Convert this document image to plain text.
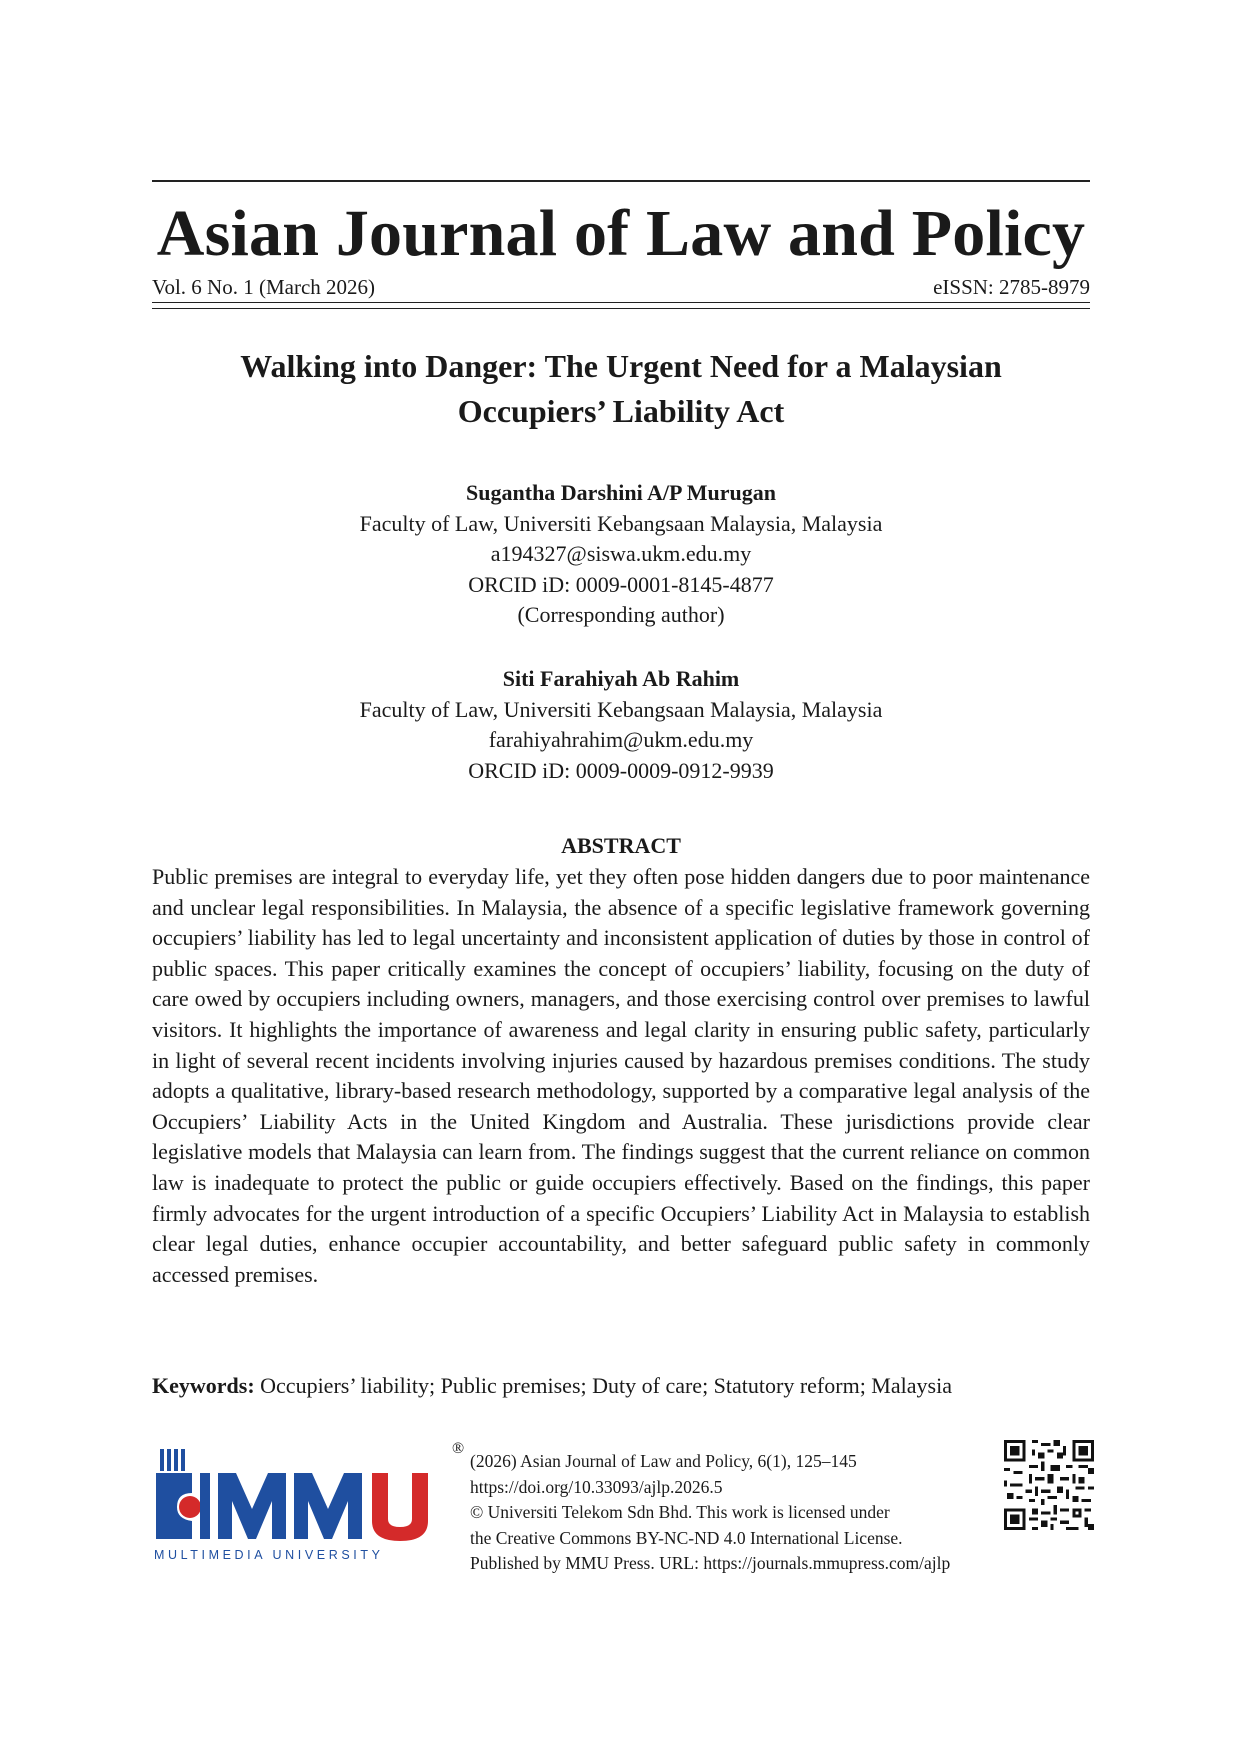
Asian Journal of Law and Policy
Vol. 6 No. 1 (March 2026)	eISSN: 2785-8979
Walking into Danger: The Urgent Need for a Malaysian
Occupiers’ Liability Act
Sugantha Darshini A/P Murugan
Faculty of Law, Universiti Kebangsaan Malaysia, Malaysia
a194327@siswa.ukm.edu.my
ORCID iD: 0009-0001-8145-4877
(Corresponding author)
Siti Farahiyah Ab Rahim
Faculty of Law, Universiti Kebangsaan Malaysia, Malaysia
farahiyahrahim@ukm.edu.my
ORCID iD: 0009-0009-0912-9939
ABSTRACT
Public premises are integral to everyday life, yet they often pose hidden dangers due to poor maintenance and unclear legal responsibilities. In Malaysia, the absence of a specific legislative framework governing occupiers’ liability has led to legal uncertainty and inconsistent application of duties by those in control of public spaces. This paper critically examines the concept of occupiers’ liability, focusing on the duty of care owed by occupiers including owners, managers, and those exercising control over premises to lawful visitors. It highlights the importance of awareness and legal clarity in ensuring public safety, particularly in light of several recent incidents involving injuries caused by hazardous premises conditions. The study adopts a qualitative, library-based research methodology, supported by a comparative legal analysis of the Occupiers’ Liability Acts in the United Kingdom and Australia. These jurisdictions provide clear legislative models that Malaysia can learn from. The findings suggest that the current reliance on common law is inadequate to protect the public or guide occupiers effectively. Based on the findings, this paper firmly advocates for the urgent introduction of a specific Occupiers’ Liability Act in Malaysia to establish clear legal duties, enhance occupier accountability, and better safeguard public safety in commonly accessed premises.
Keywords: Occupiers’ liability; Public premises; Duty of care; Statutory reform; Malaysia
MULTIMEDIA UNIVERSITY
®
(2026) Asian Journal of Law and Policy, 6(1), 125–145
https://doi.org/10.33093/ajlp.2026.5
© Universiti Telekom Sdn Bhd. This work is licensed under
the Creative Commons BY-NC-ND 4.0 International License.
Published by MMU Press. URL: https://journals.mmupress.com/ajlp
